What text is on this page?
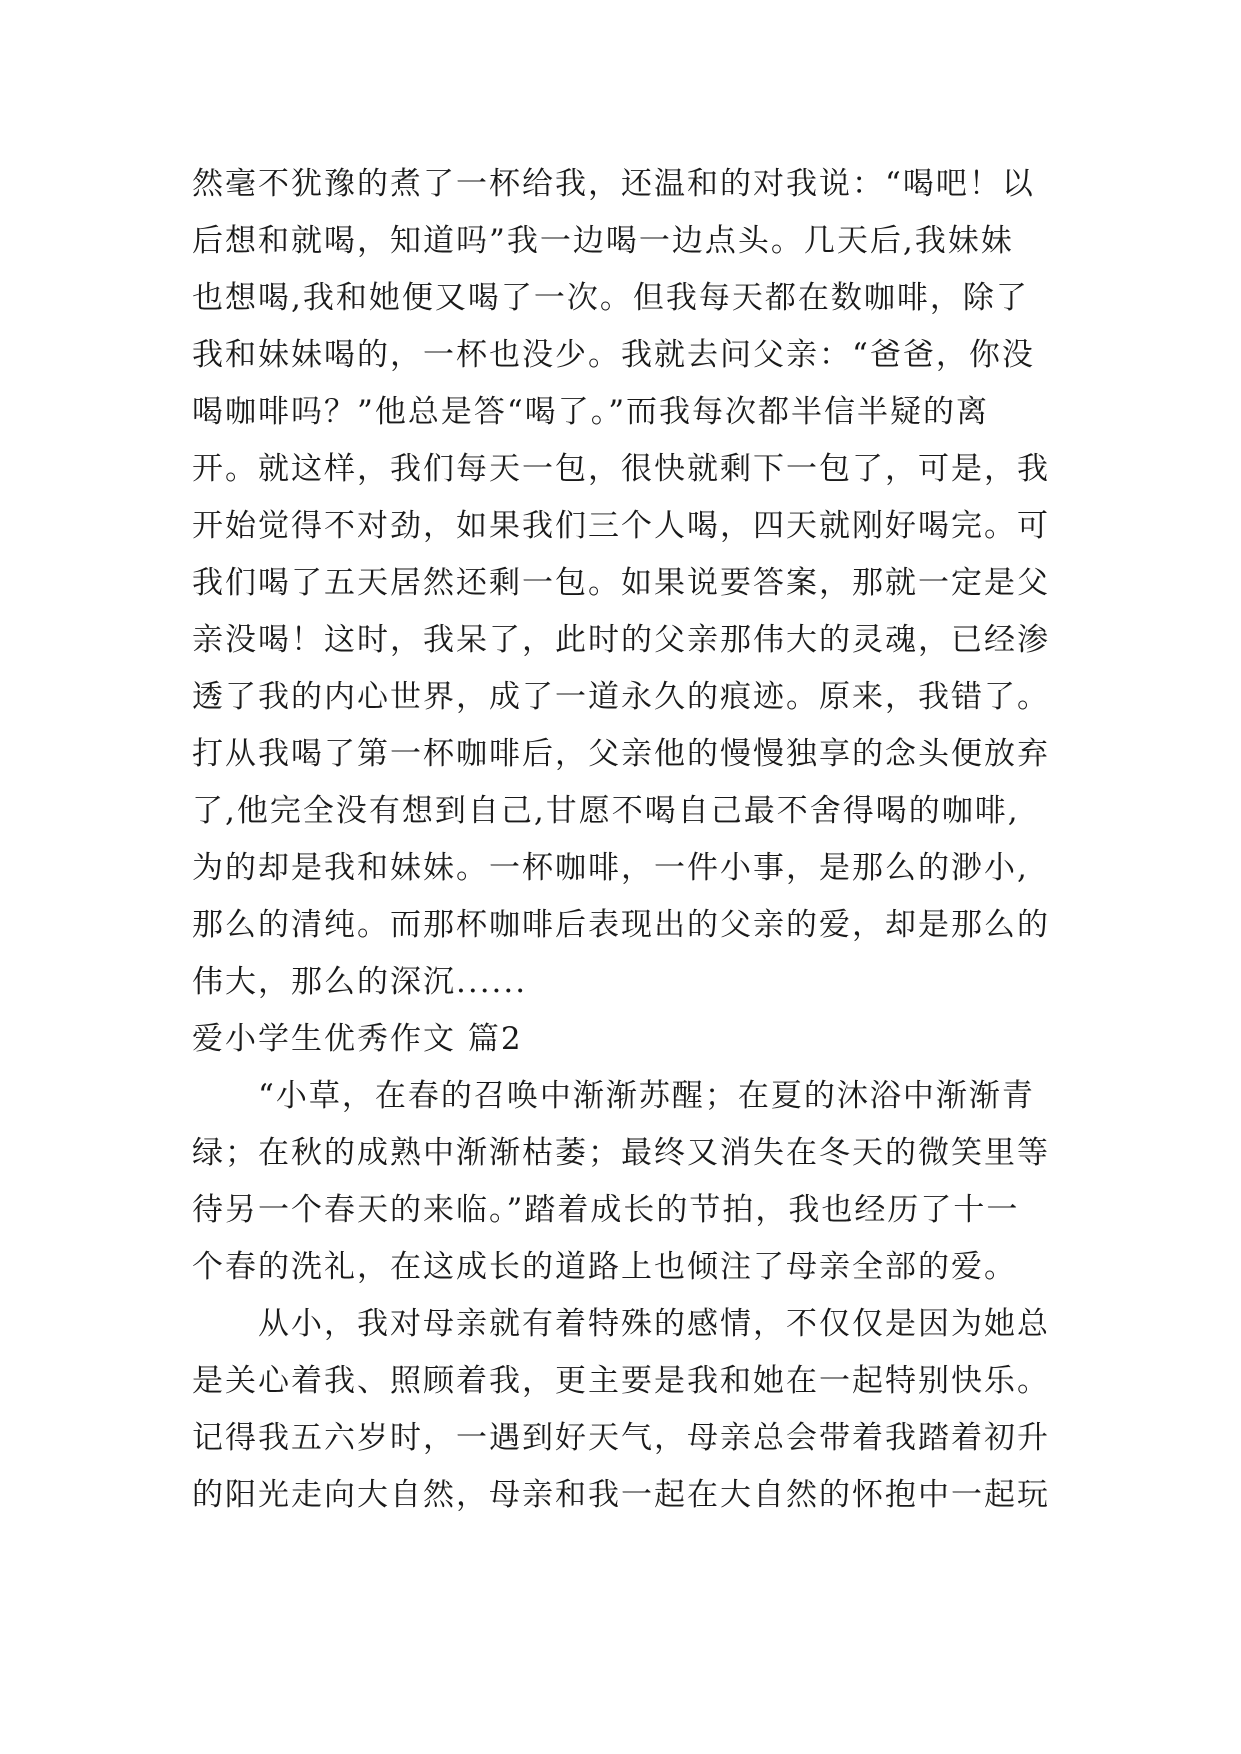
然毫不犹豫的煮了一杯给我，还温和的对我说：“喝吧！以
后想和就喝，知道吗”我一边喝一边点头。几天后,我妹妹
也想喝,我和她便又喝了一次。但我每天都在数咖啡，除了
我和妹妹喝的，一杯也没少。我就去问父亲：“爸爸，你没
喝咖啡吗？”他总是答“喝了。”而我每次都半信半疑的离
开。就这样，我们每天一包，很快就剩下一包了，可是，我
开始觉得不对劲，如果我们三个人喝，四天就刚好喝完。可
我们喝了五天居然还剩一包。如果说要答案，那就一定是父
亲没喝！这时，我呆了，此时的父亲那伟大的灵魂，已经渗
透了我的内心世界，成了一道永久的痕迹。原来，我错了。
打从我喝了第一杯咖啡后，父亲他的慢慢独享的念头便放弃
了,他完全没有想到自己,甘愿不喝自己最不舍得喝的咖啡,
为的却是我和妹妹。一杯咖啡，一件小事，是那么的渺小,
那么的清纯。而那杯咖啡后表现出的父亲的爱，却是那么的
伟大，那么的深沉......
爱小学生优秀作文 篇2
　　“小草，在春的召唤中渐渐苏醒；在夏的沐浴中渐渐青
绿；在秋的成熟中渐渐枯萎；最终又消失在冬天的微笑里等
待另一个春天的来临。”踏着成长的节拍，我也经历了十一
个春的洗礼，在这成长的道路上也倾注了母亲全部的爱。
　　从小，我对母亲就有着特殊的感情，不仅仅是因为她总
是关心着我、照顾着我，更主要是我和她在一起特别快乐。
记得我五六岁时，一遇到好天气，母亲总会带着我踏着初升
的阳光走向大自然，母亲和我一起在大自然的怀抱中一起玩
